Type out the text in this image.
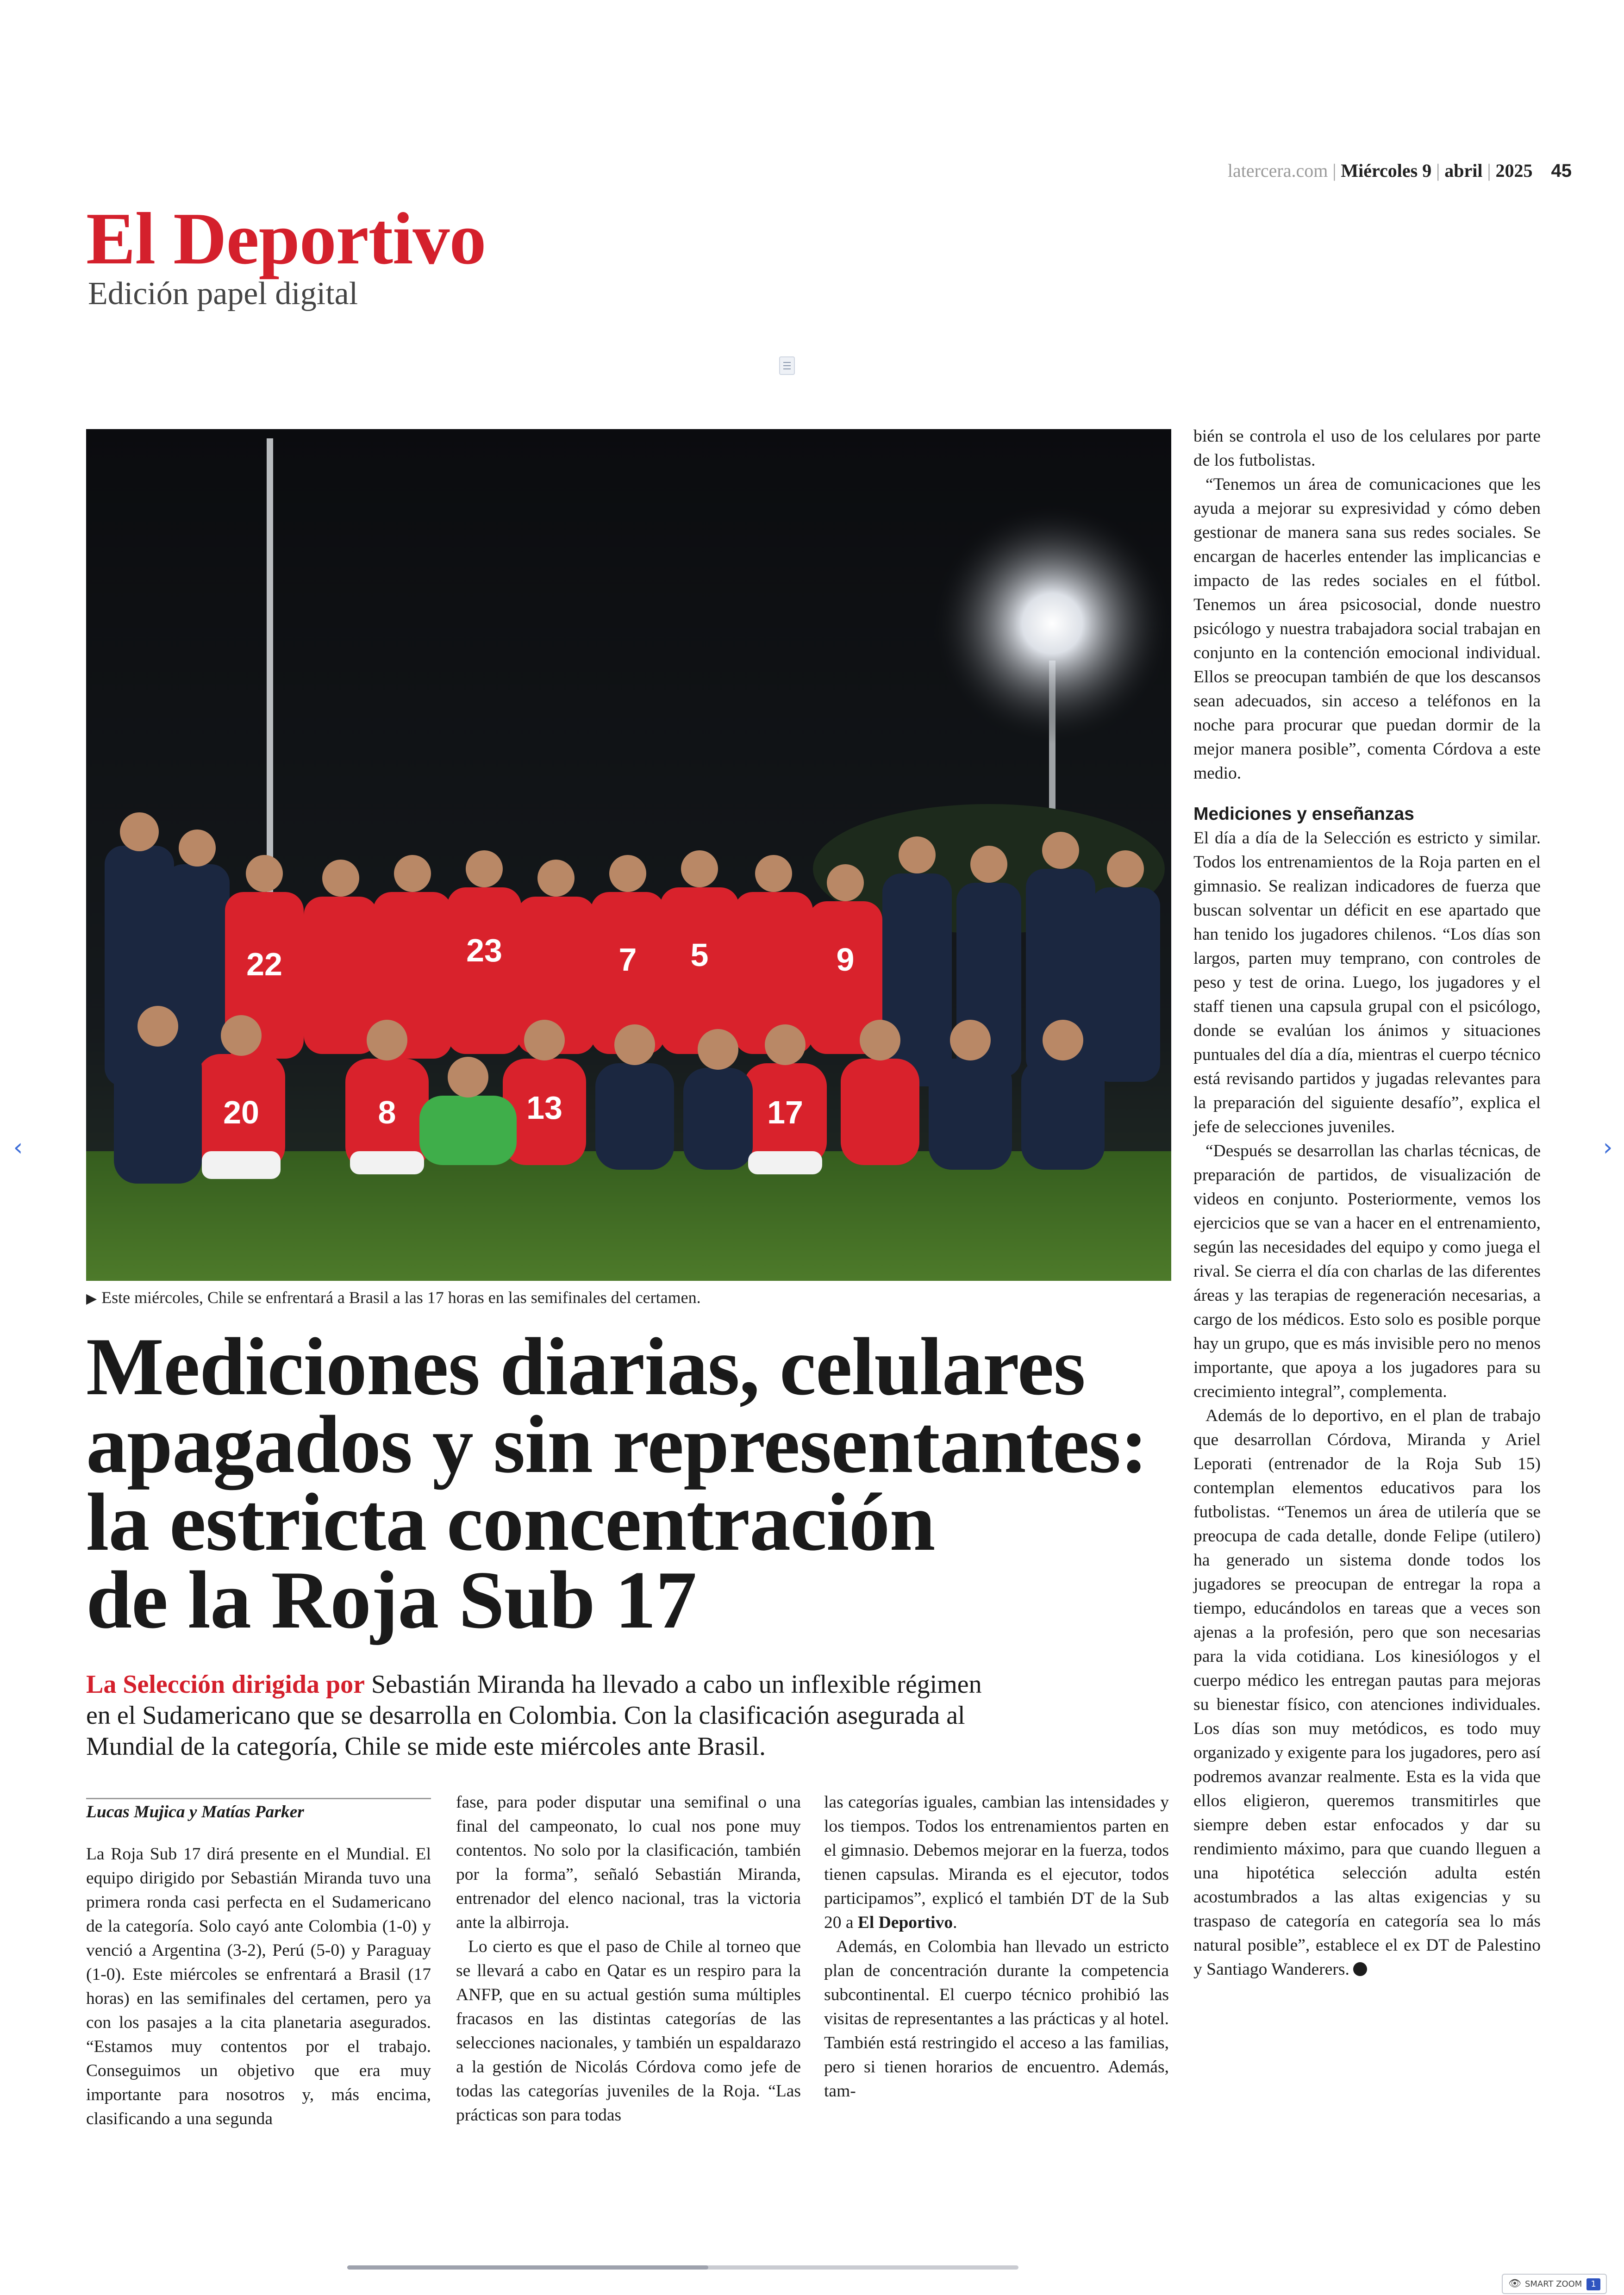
latercera.com | Miércoles 9 | abril | 2025 45
El Deportivo
Edición papel digital
20	8	13	17
5	9
7
22	23
▶ Este miércoles, Chile se enfrentará a Brasil a las 17 horas en las semifinales del certamen.
Mediciones diarias, celulares
apagados y sin representantes:
la estricta concentración
de la Roja Sub 17
La Selección dirigida por Sebastián Miranda ha llevado a cabo un inflexible régimen
en el Sudamericano que se desarrolla en Colombia. Con la clasificación asegurada al
Mundial de la categoría, Chile se mide este miércoles ante Brasil.
Lucas Mujica y Matías Parker

La Roja Sub 17 dirá presente en el Mundial. El equipo dirigido por Sebastián Miranda tuvo una primera ronda casi perfecta en el Sudamericano de la categoría. Solo cayó ante Colombia (1-0) y venció a Argentina (3-2), Perú (5-0) y Paraguay (1-0). Este miércoles se enfrentará a Brasil (17 horas) en las semifinales del certamen, pero ya con los pasajes a la cita planetaria asegurados. “Estamos muy contentos por el trabajo. Conseguimos un objetivo que era muy importante para nosotros y, más encima, clasificando a una segunda

fase, para poder disputar una semifinal o una final del campeonato, lo cual nos pone muy contentos. No solo por la clasificación, también por la forma”, señaló Sebastián Miranda, entrenador del elenco nacional, tras la victoria ante la albirroja.

Lo cierto es que el paso de Chile al torneo que se llevará a cabo en Qatar es un respiro para la ANFP, que en su actual gestión suma múltiples fracasos en las distintas categorías de las selecciones nacionales, y también un espaldarazo a la gestión de Nicolás Córdova como jefe de todas las categorías juveniles de la Roja. “Las prácticas son para todas

las categorías iguales, cambian las intensidades y los tiempos. Todos los entrenamientos parten en el gimnasio. Debemos mejorar en la fuerza, todos tienen capsulas. Miranda es el ejecutor, todos participamos”, explicó el también DT de la Sub 20 a El Deportivo.

Además, en Colombia han llevado un estricto plan de concentración durante la competencia subcontinental. El cuerpo técnico prohibió las visitas de representantes a las prácticas y al hotel. También está restringido el acceso a las familias, pero si tienen horarios de encuentro. Además, tam-

bién se controla el uso de los celulares por parte de los futbolistas.

“Tenemos un área de comunicaciones que les ayuda a mejorar su expresividad y cómo deben gestionar de manera sana sus redes sociales. Se encargan de hacerles entender las implicancias e impacto de las redes sociales en el fútbol. Tenemos un área psicosocial, donde nuestro psicólogo y nuestra trabajadora social trabajan en conjunto en la contención emocional individual. Ellos se preocupan también de que los descansos sean adecuados, sin acceso a teléfonos en la noche para procurar que puedan dormir de la mejor manera posible”, comenta Córdova a este medio.

Mediciones y enseñanzas

El día a día de la Selección es estricto y similar. Todos los entrenamientos de la Roja parten en el gimnasio. Se realizan indicadores de fuerza que buscan solventar un déficit en ese apartado que han tenido los jugadores chilenos. “Los días son largos, parten muy temprano, con controles de peso y test de orina. Luego, los jugadores y el staff tienen una capsula grupal con el psicólogo, donde se evalúan los ánimos y situaciones puntuales del día a día, mientras el cuerpo técnico está revisando partidos y jugadas relevantes para la preparación del siguiente desafío”, explica el jefe de selecciones juveniles.

“Después se desarrollan las charlas técnicas, de preparación de partidos, de visualización de videos en conjunto. Posteriormente, vemos los ejercicios que se van a hacer en el entrenamiento, según las necesidades del equipo y como juega el rival. Se cierra el día con charlas de las diferentes áreas y las terapias de regeneración necesarias, a cargo de los médicos. Esto solo es posible porque hay un grupo, que es más invisible pero no menos importante, que apoya a los jugadores para su crecimiento integral”, complementa.

Además de lo deportivo, en el plan de trabajo que desarrollan Córdova, Miranda y Ariel Leporati (entrenador de la Roja Sub 15) contemplan elementos educativos para los futbolistas. “Tenemos un área de utilería que se preocupa de cada detalle, donde Felipe (utilero) ha generado un sistema donde todos los jugadores se preocupan de entregar la ropa a tiempo, educándolos en tareas que a veces son ajenas a la profesión, pero que son necesarias para la vida cotidiana. Los kinesiólogos y el cuerpo médico les entregan pautas para mejoras su bienestar físico, con atenciones individuales. Los días son muy metódicos, es todo muy organizado y exigente para los jugadores, pero así podremos avanzar realmente. Esta es la vida que ellos eligieron, queremos transmitirles que siempre deben estar enfocados y dar su rendimiento máximo, para que cuando lleguen a una hipotética selección adulta estén acostumbrados a las altas exigencias y su traspaso de categoría en categoría sea lo más natural posible”, establece el ex DT de Palestino y Santiago Wanderers.

‹	›
👁 SMART ZOOM 1
